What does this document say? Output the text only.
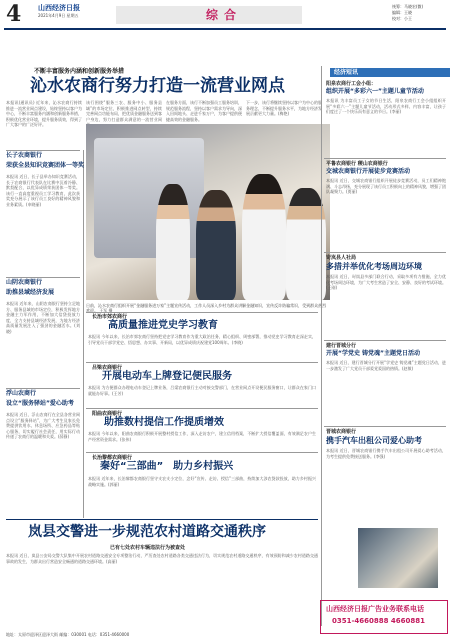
4 山西经济日报
2021年4月9日 星期五	综合
统筹：马晓宏(微)
编辑：王晓
校对：小王
不断丰富服务内涵和创新服务举措
沁水农商行努力打造一流营业网点
本报讯(通讯员) 近年来，沁水农商行持续推进一流营业网点建设，始终坚持以客户为中心，不断丰富服务内涵和创新服务举措，积极优化营业环境，提升服务质效，得到了广大客户的广泛好评。
该行围绕“服务三农、服务中小、服务县域”的市场定位，积极推进网点转型，持续完善网点功能布局，把优质金融服务送到客户身边，努力打造群众满意的一流营业网
在服务方面，该行不断加强员工服务培训，规范服务流程，坚持以客户需求为导向，深入田间地头、走进千家万户，为客户提供便捷高效的金融服务。
下一步，该行将继续坚持以客户为中心的服务理念，不断提升服务水平，为地方经济发展贡献更大力量。(梅艳)
日前，沁水农商行组织开展“金融服务进万家”主题宣传活动，工作人员深入乡村为群众讲解金融知识，宣传反诈防骗常识，受到群众热烈欢迎。 王军 摄
长子农商银行
荣获全县知识竞赛团体一等奖
本报讯 近日，长子县举办知识竞赛活动，长子农商银行代表队在比赛中沉着冷静、默契配合，以优异成绩荣获团体一等奖。该行一直高度重视员工学习教育，此次获奖充分展示了该行员工良好的精神风貌和业务素质。(申晓丽)
山阴农商银行
助推县域经济发展
本报讯 近年来，山阴农商银行坚持立足地方、服务县域的市场定位，积极发挥地方金融主力军作用，不断加大信贷投放力度，全力支持县域经济发展，为地方经济高质量发展注入了强劲的金融活水。(刘晓)
浮山农商行
设立“服务驿站”爱心助考
本报讯 近日，浮山农商行在全县各营业网点设立“服务驿站”，为广大考生及家长免费提供饮用水、休息场所、应急药品等贴心服务，切实履行社会责任，用实际行动传递了农商行的温暖和关爱。(薛静)
长治市郊农商行
高质量推进党史学习教育
本报讯 今年以来，长治市郊农商行坚持把党史学习教育作为重大政治任务，精心组织、周密部署，推动党史学习教育走深走实，引导党员干部学党史、悟思想、办实事、开新局，以优异成绩庆祝建党100周年。(李晓)
吕梁农商银行
开展电动车上牌登记便民服务
本报讯 为方便群众办理电动车登记上牌业务，吕梁农商银行主动对接交警部门，在营业网点开设便民服务窗口，让群众在家门口就能办好事。(王芳)
阳曲农商银行
助推数村提信工作提质增效
本报讯 今年以来，阳曲农商银行积极开展整村授信工作，深入走访农户，建立信用档案，不断扩大授信覆盖面，有效满足农户生产经营资金需求。(张伟)
长治黎都农商银行
秦好“三部曲”　助力乡村振兴
本报讯 近年来，长治黎都农商银行坚守支农支小定位，念好“宣传、走访、授信”三部曲，持续加大涉农贷款投放，助力乡村振兴战略实施。(郭丽)
岚县交警进一步规范农村道路交通秩序
已有七处农村车辆违法行为被查处
本报讯 近日，岚县公安局交警大队集中开展农村道路交通安全专项整治行动，严厉查处农村道路各类交通违法行为，切实规范农村道路交通秩序，有效预防和减少农村道路交通事故的发生，为群众出行营造安全畅通的道路交通环境。(高丽)
经济短讯
阳泉农商行工会小组：
组织开展“多彩六一”主题儿童节活动
本报讯 为丰富员工子女的节日生活，阳泉农商行工会小组组织开展“多彩六一”主题儿童节活动，活动形式多样、内容丰富，让孩子们度过了一个快乐而有意义的节日。(李丽)
平鲁农商银行 稷山农商银行
交城农商银行开展徒步竞赛活动
本报讯 近日，交城农商银行组织开展徒步竞赛活动，员工们精神饱满、斗志昂扬，充分展现了该行员工积极向上的精神风貌，增强了团队凝聚力。(贾丽)
岢岚县人社局
多措并举优化考场周边环境
本报讯 近日，岢岚县多部门联合行动，采取多项有力措施，全力优化考场周边环境，为广大考生营造了安全、安静、良好的考试环境。(王刚)
建行晋城分行
开展“学党史 铸党魂”主题党日活动
本报讯 近日，建行晋城分行开展“学党史 铸党魂”主题党日活动，进一步激发了广大党员干部爱党爱国的热情。(赵敏)
晋城农商银行
携手汽车出租公司爱心助考
本报讯 近日，晋城农商银行携手汽车出租公司开展爱心助考活动，为考生提供免费接送服务。(李强)
山西经济日报广告业务联系电话
0351-4660888 4660881
地址：太原市迎泽区迎泽大街 邮编：030001 电话：0351-4660000
